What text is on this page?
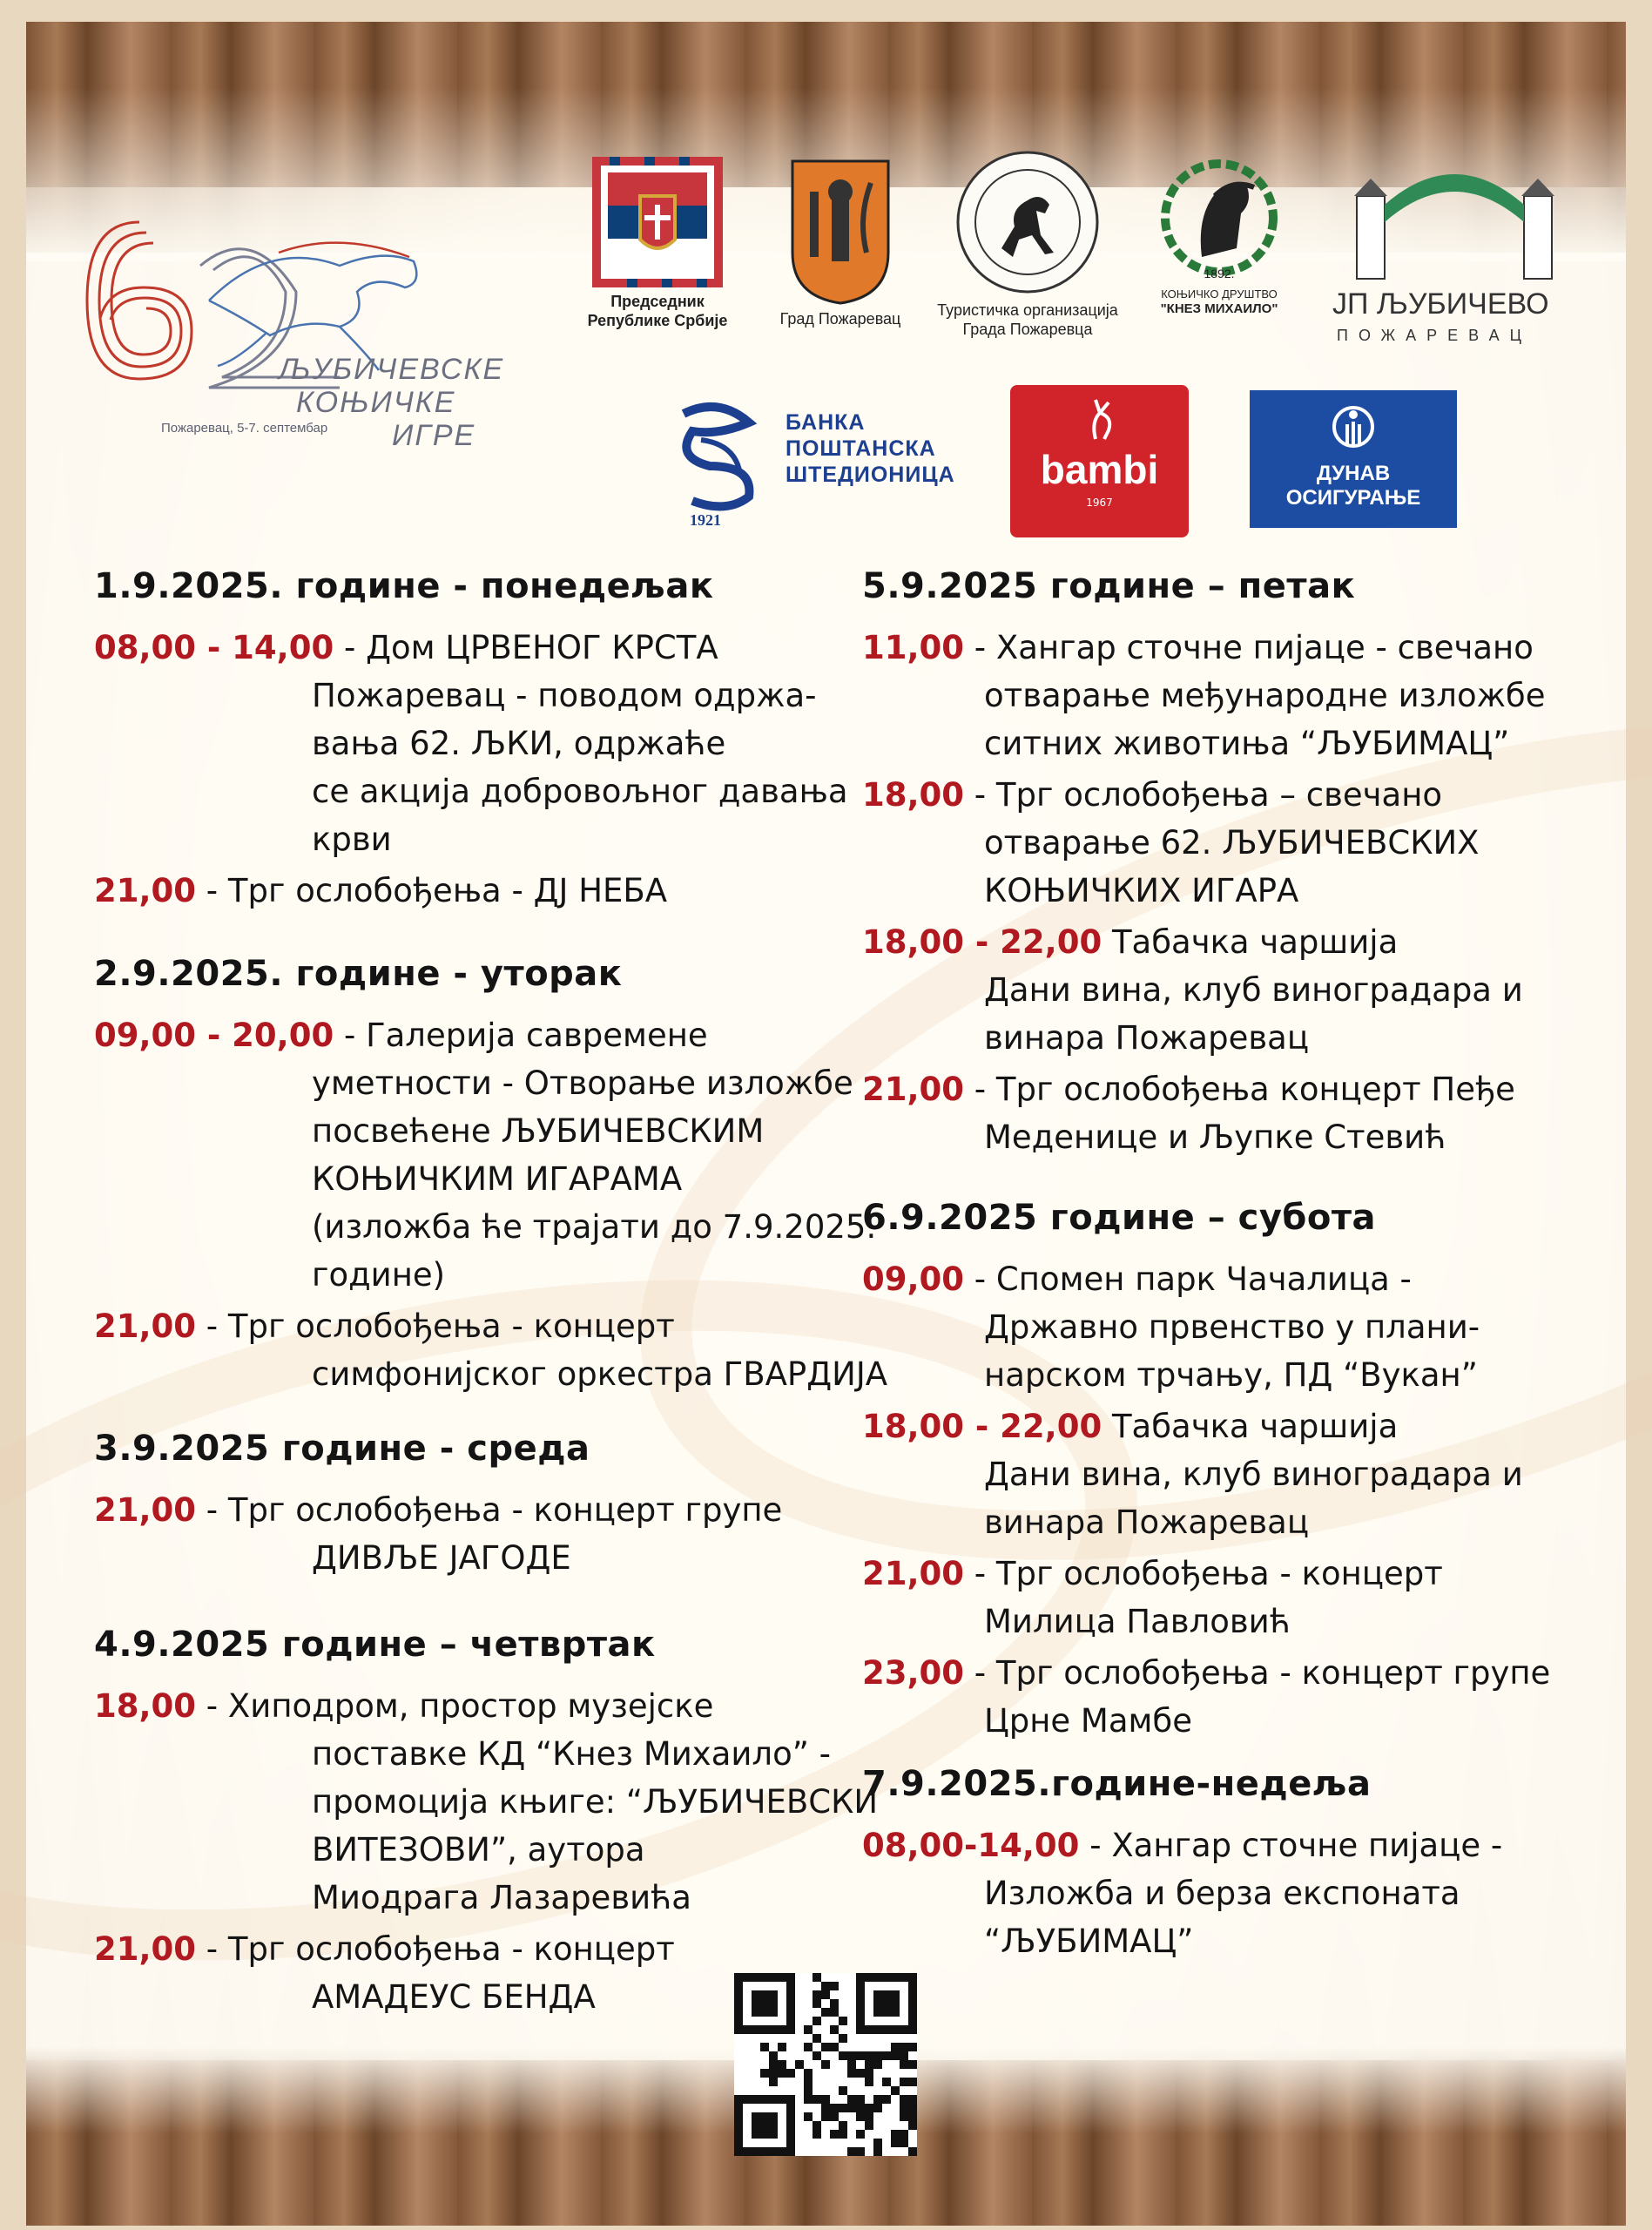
ЉУБИЧЕВСКЕ
КОЊИЧКЕ
ИГРЕ
Пожаревац, 5-7. септембар
Председник
Републике Србије	Град Пожаревац	Туристичка организација
Града Пожаревца
1892.
КОЊИЧКО ДРУШТВО
"КНЕЗ МИХАИЛО"	ЈП ЉУБИЧЕВО
ПОЖАРЕВАЦ
1921
БАНКА
ПОШТАНСКА
ШТЕДИОНИЦА	bambi
1967
ДУНАВ
ОСИГУРАЊЕ
1.9.2025. године - понедељак
08,00 - 14,00 - Дом ЦРВЕНОГ КРСТА
Пожаревац - поводом одржа-
вања 62. ЉКИ, одржаће
се акција добровољног давања
крви
21,00 - Трг ослобођења - ДЈ НЕБА
2.9.2025. године - уторак
09,00 - 20,00 - Галерија савремене
уметности - Отворање изложбе
посвећене ЉУБИЧЕВСКИМ
КОЊИЧКИМ ИГАРАМА
(изложба ће трајати до 7.9.2025.
године)
21,00 - Трг ослобођења - концерт
симфонијског оркестра ГВАРДИЈА
3.9.2025 године - среда
21,00 - Трг ослобођења - концерт групе
ДИВЉЕ ЈАГОДЕ
4.9.2025 године – четвртак
18,00 - Хиподром, простор музејске
поставке КД “Кнез Михаило” -
промоција књиге: “ЉУБИЧЕВСКИ
ВИТЕЗОВИ”, аутора
Миодрага Лазаревића
21,00 - Трг ослобођења - концерт
АМАДЕУС БЕНДА
5.9.2025 године – петак
11,00 - Хангар сточне пијаце - свечано
отварање међународне изложбе
ситних животиња “ЉУБИМАЦ”
18,00 - Трг ослобођења – свечано
отварање 62. ЉУБИЧЕВСКИХ
КОЊИЧКИХ ИГАРА
18,00 - 22,00 Табачка чаршија
Дани вина, клуб виноградара и
винара Пожаревац
21,00 - Трг ослобођења концерт Пеђе
Меденице и Љупке Стевић
6.9.2025 године – субота
09,00 - Спомен парк Чачалица -
Државно првенство у плани-
нарском трчању, ПД “Вукан”
18,00 - 22,00 Табачка чаршија
Дани вина, клуб виноградара и
винара Пожаревац
21,00 - Трг ослобођења - концерт
Милица Павловић
23,00 - Трг ослобођења - концерт групе
Црне Мамбе
7.9.2025.године-недеља
08,00-14,00 - Хангар сточне пијаце -
Изложба и берза експоната
“ЉУБИМАЦ”
